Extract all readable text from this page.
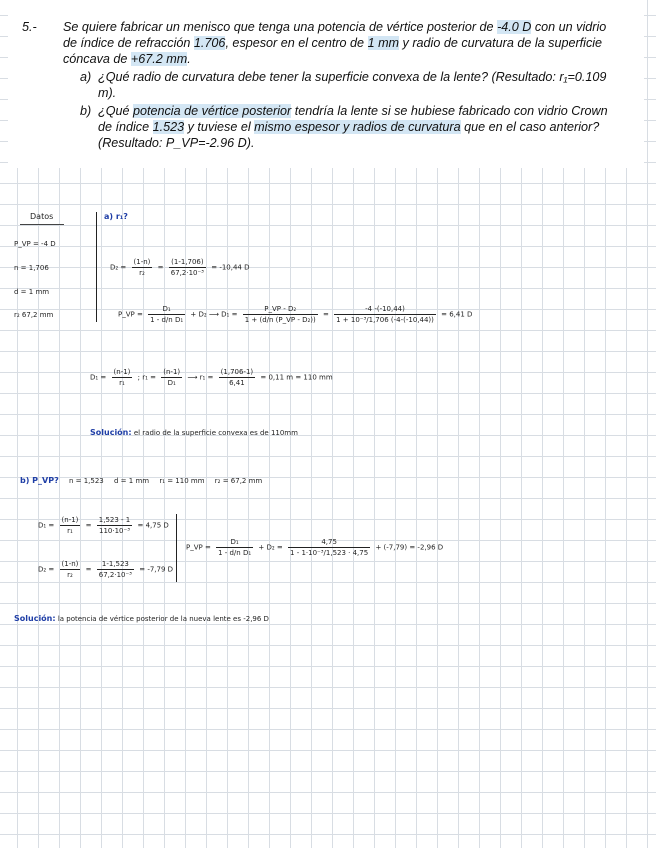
5.- Se quiere fabricar un menisco que tenga una potencia de vértice posterior de -4.0 D con un vidrio
de índice de refracción 1.706, espesor en el centro de 1 mm y radio de curvatura de la superficie
cóncava de +67.2 mm.
a) ¿Qué radio de curvatura debe tener la superficie convexa de la lente? (Resultado: r₁=0.109
m).
b) ¿Qué potencia de vértice posterior tendría la lente si se hubiese fabricado con vidrio Crown
de índice 1.523 y tuviese el mismo espesor y radios de curvatura que en el caso anterior?
(Resultado: P_VP=-2.96 D).
Datos
P_VP = -4 D
n = 1,706
d = 1 mm
r₂ 67,2 mm
a) r₁?
$D_2 = \frac{(1-n)}{\text{r₂}} = \frac{(1-1,706)}{\text{67,2·10⁻³}} = -10,44$ D
P_VP = $\frac{\text{D₁}}{\text{1 - d/n D₁}} + D_2$ ⟶ $D_1 = \frac{\text{P\_VP - D₂}}{\text{1 + (d/n (P\_VP - D₂))}} = \frac{-4 -(-10,44)}{\text{1 + 10⁻³/1,706 (-4-(-10,44))}} = 6,41$ D
$D_1 = \frac{(n-1)}{\text{r₁}}$ ; $r_1 = \frac{(n-1)}{\text{D₁}}$ ⟶ $r_1 = \frac{(1,706-1)}{6,41} = 0,11$ m = 110 mm
Solución: el radio de la superficie convexa es de 110mm
b) P_VP? n = 1,523 d = 1 mm r₁ = 110 mm r₂ = 67,2 mm
$D_1 = \frac{(n-1)}{\text{r₁}} = \frac{1,523 - 1}{\text{110·10⁻³}} = 4,75$ D
$D_2 = \frac{(1-n)}{\text{r₂}} = \frac{1-1,523}{\text{67,2·10⁻³}} = -7,79$ D
P_VP = $\frac{\text{D₁}}{\text{1 - d/n D₁}} + D_2 = \frac{4,75}{\text{1 - 1·10⁻³/1,523 · 4,75}} + (-7,79) = -2,96$ D
Solución: la potencia de vértice posterior de la nueva lente es -2,96 D
